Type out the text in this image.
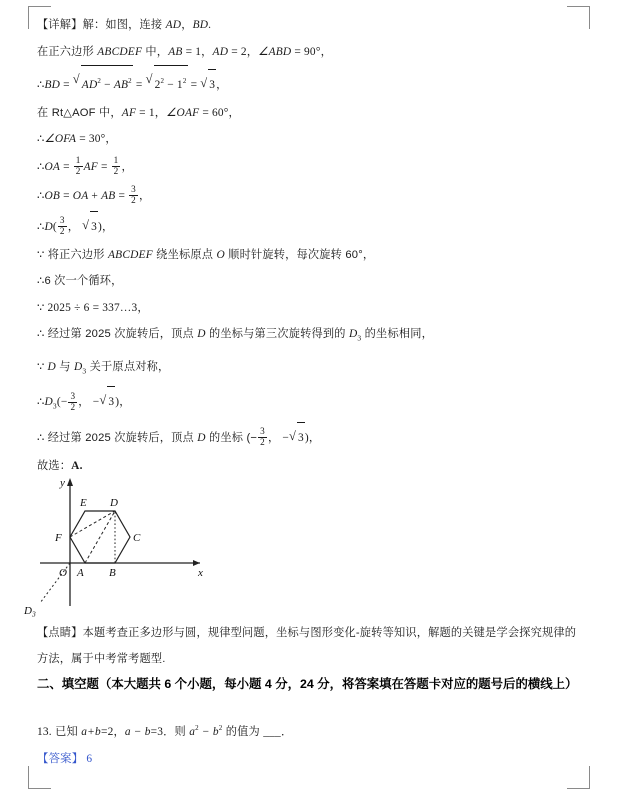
【详解】解：如图，连接 AD，BD.
在正六边形 ABCDEF 中，AB = 1，AD = 2，∠ABD = 90°，
∴BD = √ $AD^2 - AB^2$ = √ $2^2 - 1^2$ = √ 3，
在 Rt△AOF 中，AF = 1，∠OAF = 60°，
∴∠OFA = 30°，
∴OA = $\frac{1}{2}$ AF = $\frac{1}{2}$ ，
∴OB = OA + AB = $\frac{3}{2}$ ，
∴D( $\frac{3}{2}$ ， √ 3)，
∵ 将正六边形 ABCDEF 绕坐标原点 O 顺时针旋转，每次旋转 60°，
∴6 次一个循环，
∵ 2025 ÷ 6 = 337…3，
∴ 经过第 2025 次旋转后，顶点 D 的坐标与第三次旋转得到的 $D_3$ 的坐标相同，
∵ D 与 $D_3$ 关于原点对称，
$\therefore D_3(- \frac{3}{2}$ ， − √ 3)，
∴ 经过第 2025 次旋转后，顶点 D 的坐标 (− $\frac{3}{2}$ ， − √ 3)，
故选：A.
y
x
O A B
C
D
E
F
$D_3$
【点睛】本题考查正多边形与圆，规律型问题，坐标与图形变化-旋转等知识，解题的关键是学会探究规律的方法，属于中考常考题型.
二、填空题（本大题共 6 个小题，每小题 4 分，24 分，将答案填在答题卡对应的题号后的横线上）
13. 已知 a+b=2，a − b=3．则 $a^2 - b^2$ 的值为 ___．
【答案】 6
